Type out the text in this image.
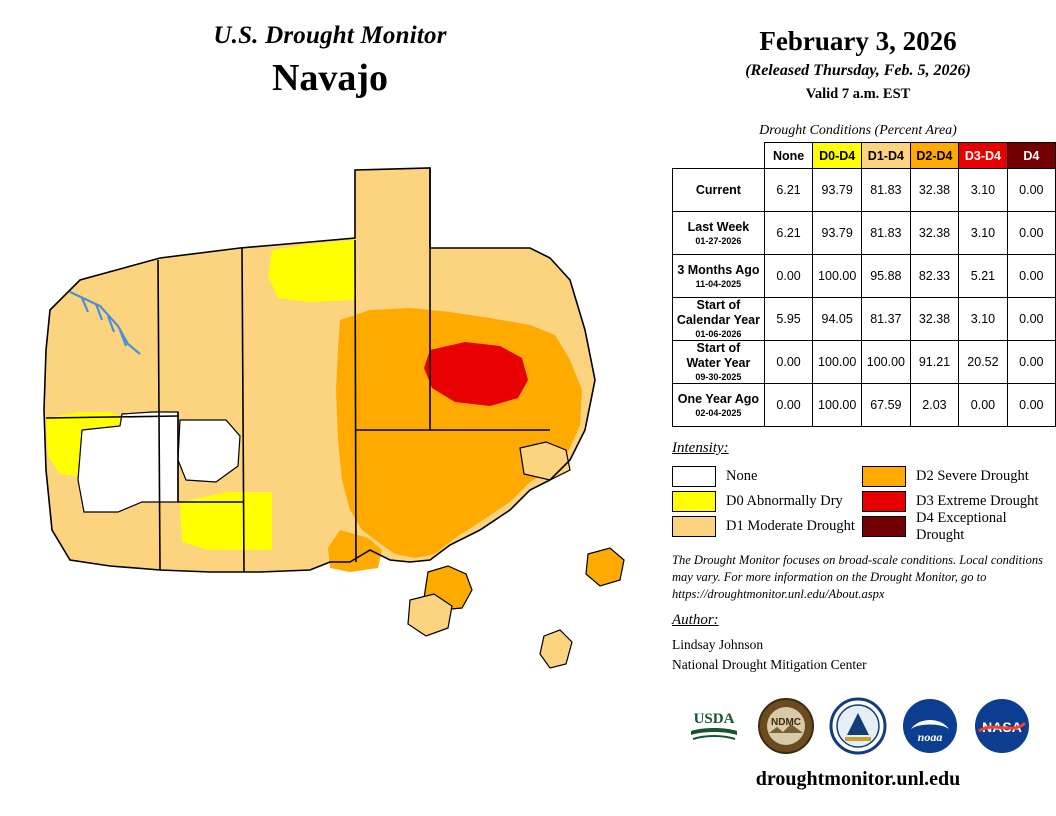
U.S. Drought Monitor
Navajo
February 3, 2026
(Released Thursday, Feb. 5, 2026)
Valid 7 a.m. EST
Drought Conditions (Percent Area)
	None	D0-D4	D1-D4	D2-D4	D3-D4	D4
Current	6.21	93.79	81.83	32.38	3.10	0.00
Last Week
01-27-2026	6.21	93.79	81.83	32.38	3.10	0.00
3 Months Ago
11-04-2025	0.00	100.00	95.88	82.33	5.21	0.00
Start of
Calendar Year
01-06-2026	5.95	94.05	81.37	32.38	3.10	0.00
Start of
Water Year
09-30-2025	0.00	100.00	100.00	91.21	20.52	0.00
One Year Ago
02-04-2025	0.00	100.00	67.59	2.03	0.00	0.00
Intensity:
None
D0 Abnormally Dry
D1 Moderate Drought
D2 Severe Drought
D3 Extreme Drought
D4 Exceptional Drought
The Drought Monitor focuses on broad-scale conditions. Local conditions may vary. For more information on the Drought Monitor, go to https://droughtmonitor.unl.edu/About.aspx
Author:
Lindsay Johnson
National Drought Mitigation Center
USDA	NDMC
noaa
NASA
droughtmonitor.unl.edu
